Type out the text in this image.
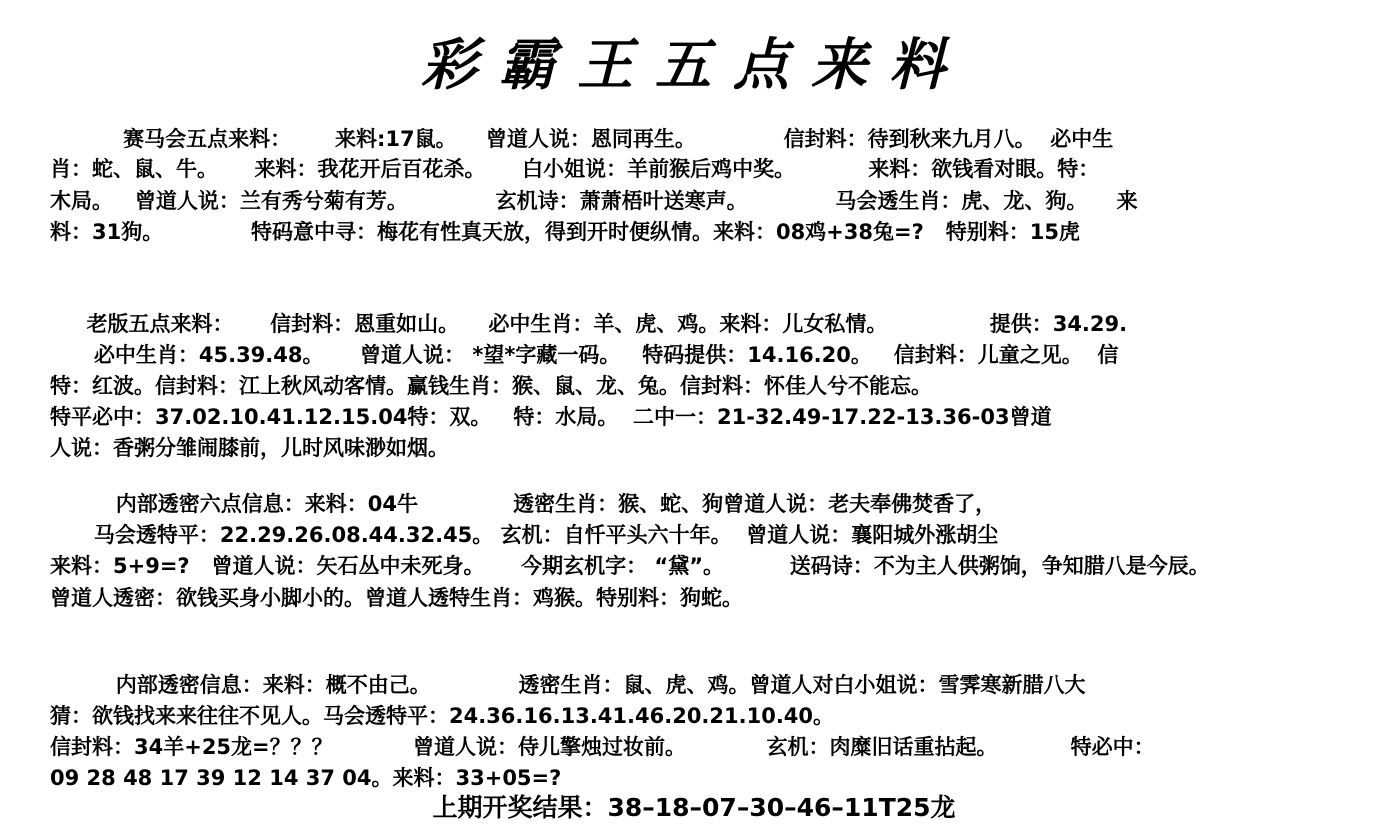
彩霸王五点来料
赛马会五点来料：      来料:17鼠。    曾道人说：恩同再生。            信封料：待到秋来九月八。  必中生
肖：蛇、鼠、牛。     来料：我花开后百花杀。     白小姐说：羊前猴后鸡中奖。          来料：欲钱看对眼。特：
木局。   曾道人说：兰有秀兮菊有芳。            玄机诗：萧萧梧叶送寒声。            马会透生肖：虎、龙、狗。    来
料：31狗。            特码意中寻：梅花有性真天放，得到开时便纵情。来料：08鸡+38兔=?   特别料：15虎
老版五点来料：     信封料：恩重如山。    必中生肖：羊、虎、鸡。来料：儿女私情。              提供：34.29.
必中生肖：45.39.48。     曾道人说： *望*字藏一码。   特码提供：14.16.20。   信封料：儿童之见。  信
特：红波。信封料：江上秋风动客情。赢钱生肖：猴、鼠、龙、兔。信封料：怀佳人兮不能忘。
特平必中：37.02.10.41.12.15.04特：双。   特：水局。  二中一：21-32.49-17.22-13.36-03曾道
人说：香粥分雏闹膝前，儿时风味渺如烟。
内部透密六点信息：来料：04牛             透密生肖：猴、蛇、狗曾道人说：老夫奉佛焚香了，
马会透特平：22.29.26.08.44.32.45。 玄机：自忏平头六十年。  曾道人说：襄阳城外涨胡尘
来料：5+9=?   曾道人说：矢石丛中未死身。     今期玄机字： “黛”。         送码诗：不为主人供粥饷，争知腊八是今辰。
曾道人透密：欲钱买身小脚小的。曾道人透特生肖：鸡猴。特别料：狗蛇。
内部透密信息：来料：概不由己。            透密生肖：鼠、虎、鸡。曾道人对白小姐说：雪霁寒新腊八大
猜：欲钱找来来往往不见人。马会透特平：24.36.16.13.41.46.20.21.10.40。
信封料：34羊+25龙=？？？           曾道人说：侍儿擎烛过妆前。           玄机：肉糜旧话重拈起。          特必中：
09 28 48 17 39 12 14 37 04。来料：33+05=?
上期开奖结果：38–18–07–30–46–11T25龙
